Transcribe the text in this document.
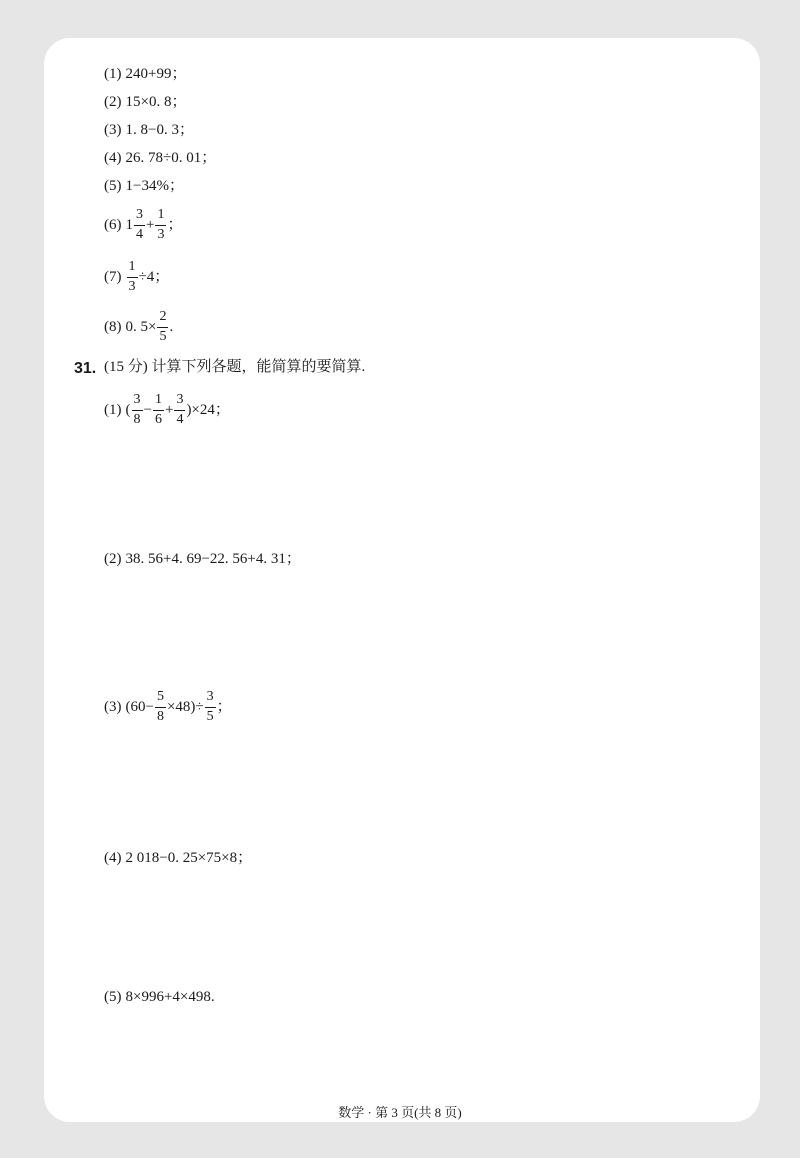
(1) 240+99；
(2) 15×0. 8；
(3) 1. 8−0. 3；
(4) 26. 78÷0. 01；
(5) 1−34%；
(6) $1 \frac{3}{4} + \frac{1}{3}$ ；
$(7) \frac{1}{3} \div 4$；
(8) 0. $5\times \frac{2}{5}$ .
31. (15 分) 计算下列各题，能简算的要简算.
(1) ( $\frac{3}{8} - \frac{1}{6} + \frac{3}{4} )\times 24$；
(2) 38. 56+4. 69−22. 56+4. 31；
(3) $(60- \frac{5}{8} \times 48)\div \frac{3}{5}$ ；
(4) 2 018−0. 25×75×8；
(5) 8×996+4×498.
数学 · 第 3 页(共 8 页)
